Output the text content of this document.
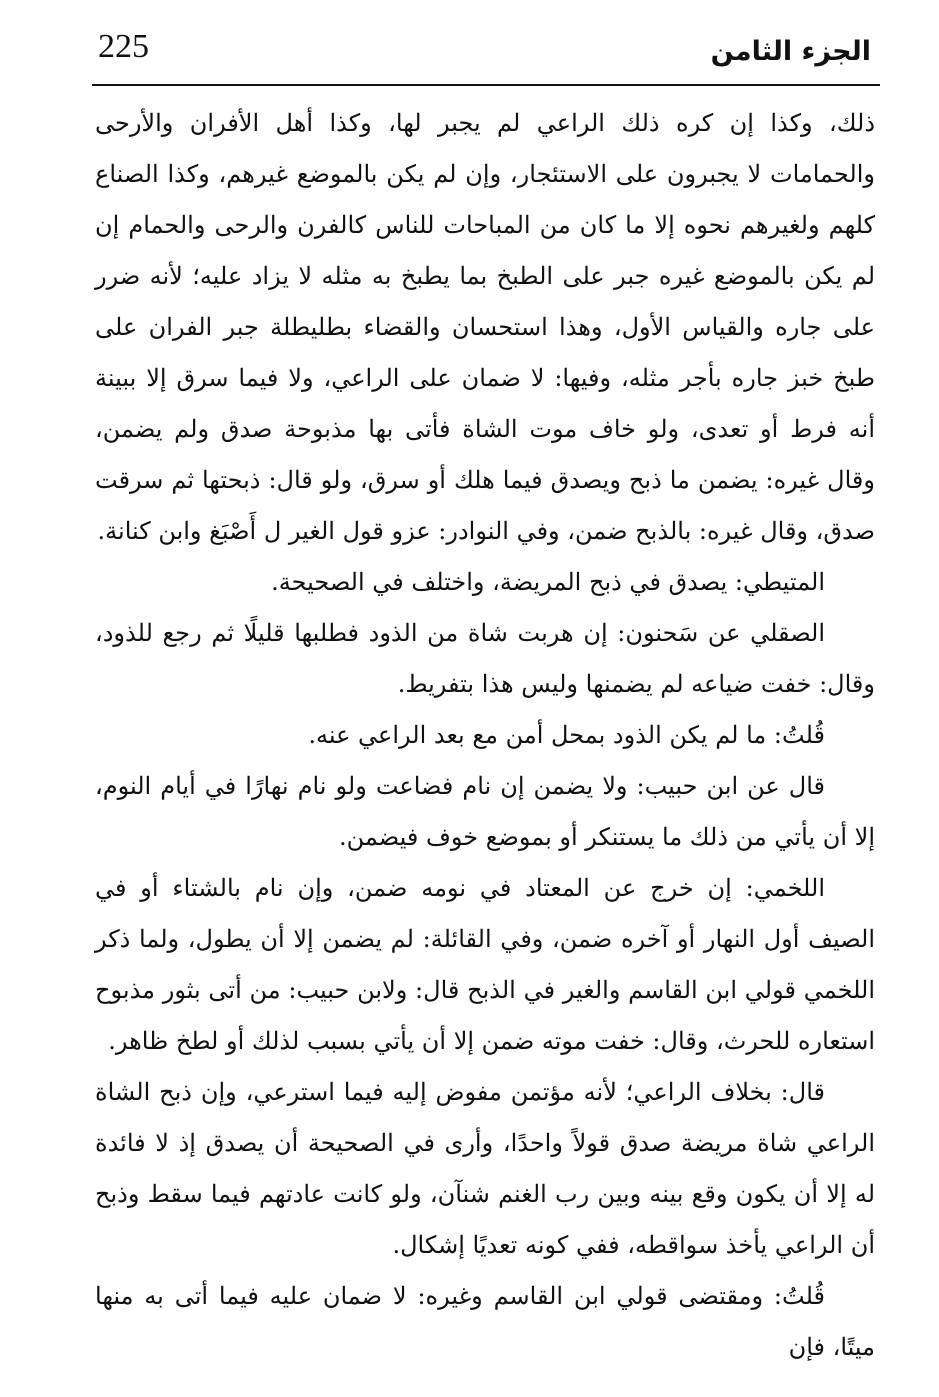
225	الجزء الثامن

ذلك، وكذا إن كره ذلك الراعي لم يجبر لها، وكذا أهل الأفران والأرحى والحمامات لا يجبرون على الاستئجار، وإن لم يكن بالموضع غيرهم، وكذا الصناع كلهم ولغيرهم نحوه إلا ما كان من المباحات للناس كالفرن والرحى والحمام إن لم يكن بالموضع غيره جبر على الطبخ بما يطبخ به مثله لا يزاد عليه؛ لأنه ضرر على جاره والقياس الأول، وهذا استحسان والقضاء بطليطلة جبر الفران على طبخ خبز جاره بأجر مثله، وفيها: لا ضمان على الراعي، ولا فيما سرق إلا ببينة أنه فرط أو تعدى، ولو خاف موت الشاة فأتى بها مذبوحة صدق ولم يضمن، وقال غيره: يضمن ما ذبح ويصدق فيما هلك أو سرق، ولو قال: ذبحتها ثم سرقت صدق، وقال غيره: بالذبح ضمن، وفي النوادر: عزو قول الغير ل أَصْبَغ وابن كنانة.

المتيطي: يصدق في ذبح المريضة، واختلف في الصحيحة.

الصقلي عن سَحنون: إن هربت شاة من الذود فطلبها قليلًا ثم رجع للذود، وقال: خفت ضياعه لم يضمنها وليس هذا بتفريط.

قُلتُ: ما لم يكن الذود بمحل أمن مع بعد الراعي عنه.

قال عن ابن حبيب: ولا يضمن إن نام فضاعت ولو نام نهارًا في أيام النوم، إلا أن يأتي من ذلك ما يستنكر أو بموضع خوف فيضمن.

اللخمي: إن خرج عن المعتاد في نومه ضمن، وإن نام بالشتاء أو في الصيف أول النهار أو آخره ضمن، وفي القائلة: لم يضمن إلا أن يطول، ولما ذكر اللخمي قولي ابن القاسم والغير في الذبح قال: ولابن حبيب: من أتى بثور مذبوح استعاره للحرث، وقال: خفت موته ضمن إلا أن يأتي بسبب لذلك أو لطخ ظاهر.

قال: بخلاف الراعي؛ لأنه مؤتمن مفوض إليه فيما استرعي، وإن ذبح الشاة الراعي شاة مريضة صدق قولاً واحدًا، وأرى في الصحيحة أن يصدق إذ لا فائدة له إلا أن يكون وقع بينه وبين رب الغنم شنآن، ولو كانت عادتهم فيما سقط وذبح أن الراعي يأخذ سواقطه، ففي كونه تعديًا إشكال.

قُلتُ: ومقتضى قولي ابن القاسم وغيره: لا ضمان عليه فيما أتى به منها ميتًا، فإن
